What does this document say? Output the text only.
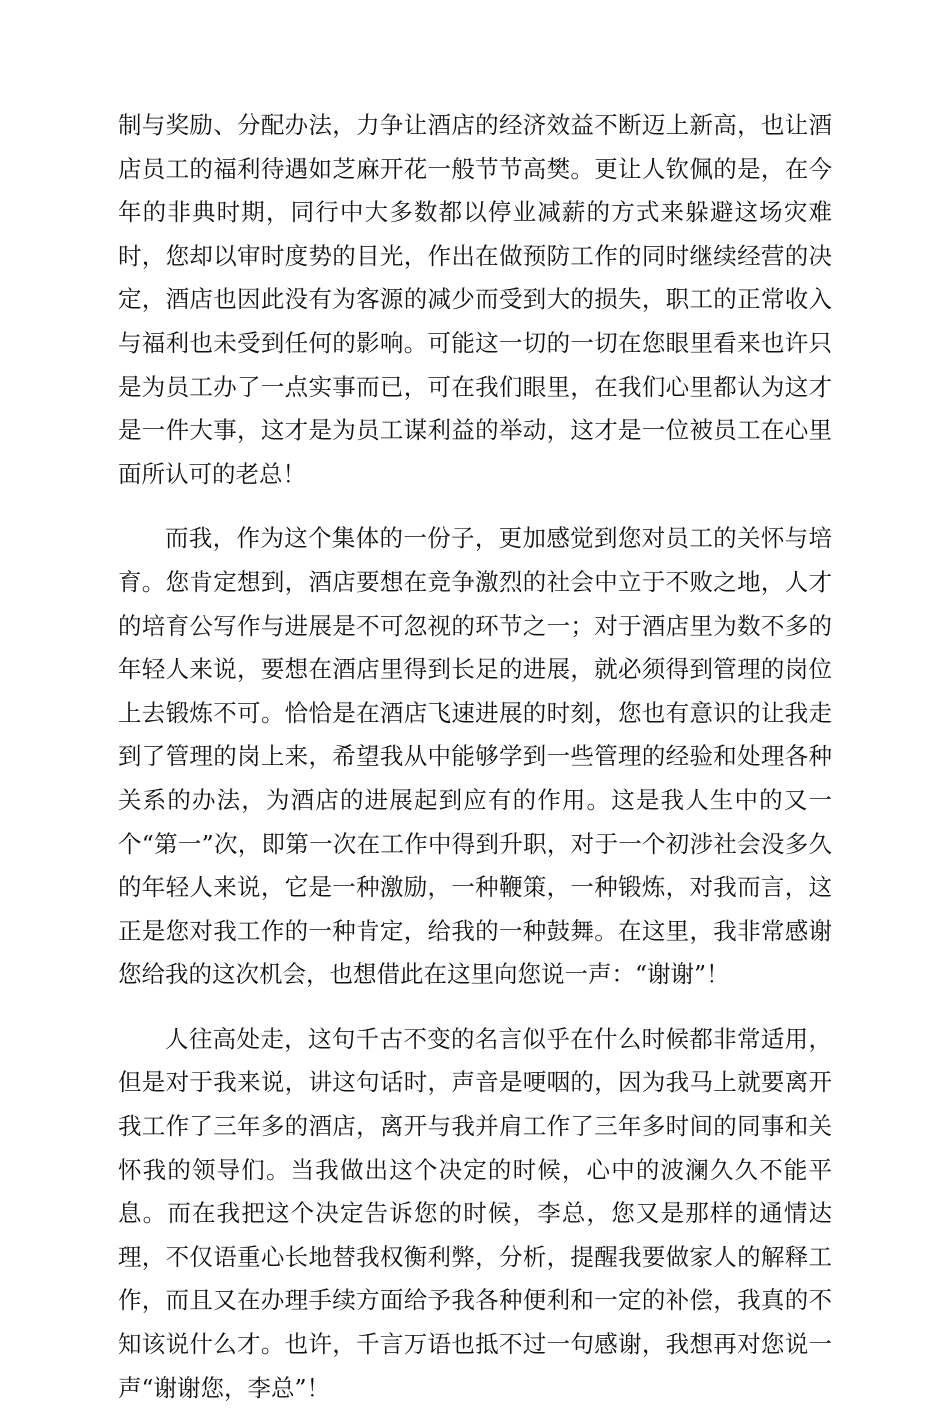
制与奖励、分配办法，力争让酒店的经济效益不断迈上新高，也让酒店员工的福利待遇如芝麻开花一般节节高樊。更让人钦佩的是，在今年的非典时期，同行中大多数都以停业减薪的方式来躲避这场灾难时，您却以审时度势的目光，作出在做预防工作的同时继续经营的决定，酒店也因此没有为客源的减少而受到大的损失，职工的正常收入与福利也未受到任何的影响。可能这一切的一切在您眼里看来也许只是为员工办了一点实事而已，可在我们眼里，在我们心里都认为这才是一件大事，这才是为员工谋利益的举动，这才是一位被员工在心里面所认可的老总！

而我，作为这个集体的一份子，更加感觉到您对员工的关怀与培育。您肯定想到，酒店要想在竞争激烈的社会中立于不败之地，人才的培育公写作与进展是不可忽视的环节之一；对于酒店里为数不多的年轻人来说，要想在酒店里得到长足的进展，就必须得到管理的岗位上去锻炼不可。恰恰是在酒店飞速进展的时刻，您也有意识的让我走到了管理的岗上来，希望我从中能够学到一些管理的经验和处理各种关系的办法，为酒店的进展起到应有的作用。这是我人生中的又一个“第一”次，即第一次在工作中得到升职，对于一个初涉社会没多久的年轻人来说，它是一种激励，一种鞭策，一种锻炼，对我而言，这正是您对我工作的一种肯定，给我的一种鼓舞。在这里，我非常感谢您给我的这次机会，也想借此在这里向您说一声：“谢谢”！

人往高处走，这句千古不变的名言似乎在什么时候都非常适用，但是对于我来说，讲这句话时，声音是哽咽的，因为我马上就要离开我工作了三年多的酒店，离开与我并肩工作了三年多时间的同事和关怀我的领导们。当我做出这个决定的时候，心中的波澜久久不能平息。而在我把这个决定告诉您的时候，李总，您又是那样的通情达理，不仅语重心长地替我权衡利弊，分析，提醒我要做家人的解释工作，而且又在办理手续方面给予我各种便利和一定的补偿，我真的不知该说什么才。也许，千言万语也抵不过一句感谢，我想再对您说一声“谢谢您，李总”！
